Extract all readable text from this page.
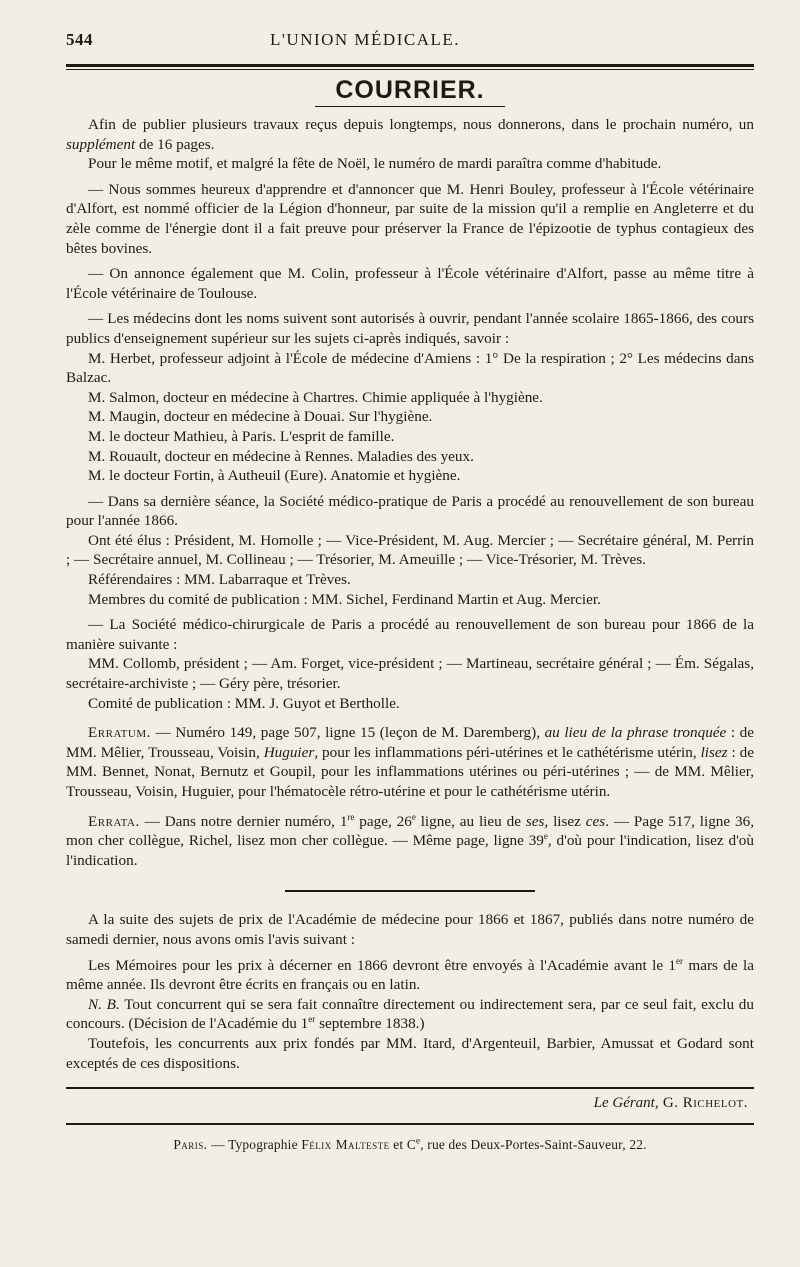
544	L'UNION MÉDICALE.
COURRIER.

Afin de publier plusieurs travaux reçus depuis longtemps, nous donnerons, dans le prochain numéro, un supplément de 16 pages.

Pour le même motif, et malgré la fête de Noël, le numéro de mardi paraîtra comme d'habitude.

— Nous sommes heureux d'apprendre et d'annoncer que M. Henri Bouley, professeur à l'École vétérinaire d'Alfort, est nommé officier de la Légion d'honneur, par suite de la mission qu'il a remplie en Angleterre et du zèle comme de l'énergie dont il a fait preuve pour préserver la France de l'épizootie de typhus contagieux des bêtes bovines.

— On annonce également que M. Colin, professeur à l'École vétérinaire d'Alfort, passe au même titre à l'École vétérinaire de Toulouse.

— Les médecins dont les noms suivent sont autorisés à ouvrir, pendant l'année scolaire 1865-1866, des cours publics d'enseignement supérieur sur les sujets ci-après indiqués, savoir :

M. Herbet, professeur adjoint à l'École de médecine d'Amiens : 1° De la respiration ; 2° Les médecins dans Balzac.

M. Salmon, docteur en médecine à Chartres. Chimie appliquée à l'hygiène.

M. Maugin, docteur en médecine à Douai. Sur l'hygiène.

M. le docteur Mathieu, à Paris. L'esprit de famille.

M. Rouault, docteur en médecine à Rennes. Maladies des yeux.

M. le docteur Fortin, à Autheuil (Eure). Anatomie et hygiène.

— Dans sa dernière séance, la Société médico-pratique de Paris a procédé au renouvellement de son bureau pour l'année 1866.

Ont été élus : Président, M. Homolle ; — Vice-Président, M. Aug. Mercier ; — Secrétaire général, M. Perrin ; — Secrétaire annuel, M. Collineau ; — Trésorier, M. Ameuille ; — Vice-Trésorier, M. Trèves.

Référendaires : MM. Labarraque et Trèves.

Membres du comité de publication : MM. Sichel, Ferdinand Martin et Aug. Mercier.

— La Société médico-chirurgicale de Paris a procédé au renouvellement de son bureau pour 1866 de la manière suivante :

MM. Collomb, président ; — Am. Forget, vice-président ; — Martineau, secrétaire général ; — Ém. Ségalas, secrétaire-archiviste ; — Géry père, trésorier.

Comité de publication : MM. J. Guyot et Bertholle.

Erratum. — Numéro 149, page 507, ligne 15 (leçon de M. Daremberg), au lieu de la phrase tronquée : de MM. Mêlier, Trousseau, Voisin, Huguier, pour les inflammations péri-utérines et le cathétérisme utérin, lisez : de MM. Bennet, Nonat, Bernutz et Goupil, pour les inflammations utérines ou péri-utérines ; — de MM. Mêlier, Trousseau, Voisin, Huguier, pour l'hématocèle rétro-utérine et pour le cathétérisme utérin.

Errata. — Dans notre dernier numéro, 1re page, 26e ligne, au lieu de ses, lisez ces. — Page 517, ligne 36, mon cher collègue, Richel, lisez mon cher collègue. — Même page, ligne 39e, d'où pour l'indication, lisez d'où l'indication.

A la suite des sujets de prix de l'Académie de médecine pour 1866 et 1867, publiés dans notre numéro de samedi dernier, nous avons omis l'avis suivant :

Les Mémoires pour les prix à décerner en 1866 devront être envoyés à l'Académie avant le 1er mars de la même année. Ils devront être écrits en français ou en latin.

N. B. Tout concurrent qui se sera fait connaître directement ou indirectement sera, par ce seul fait, exclu du concours. (Décision de l'Académie du 1er septembre 1838.)

Toutefois, les concurrents aux prix fondés par MM. Itard, d'Argenteuil, Barbier, Amussat et Godard sont exceptés de ces dispositions.

Le Gérant, G. Richelot.
Paris. — Typographie Félix Malteste et Ce, rue des Deux-Portes-Saint-Sauveur, 22.
